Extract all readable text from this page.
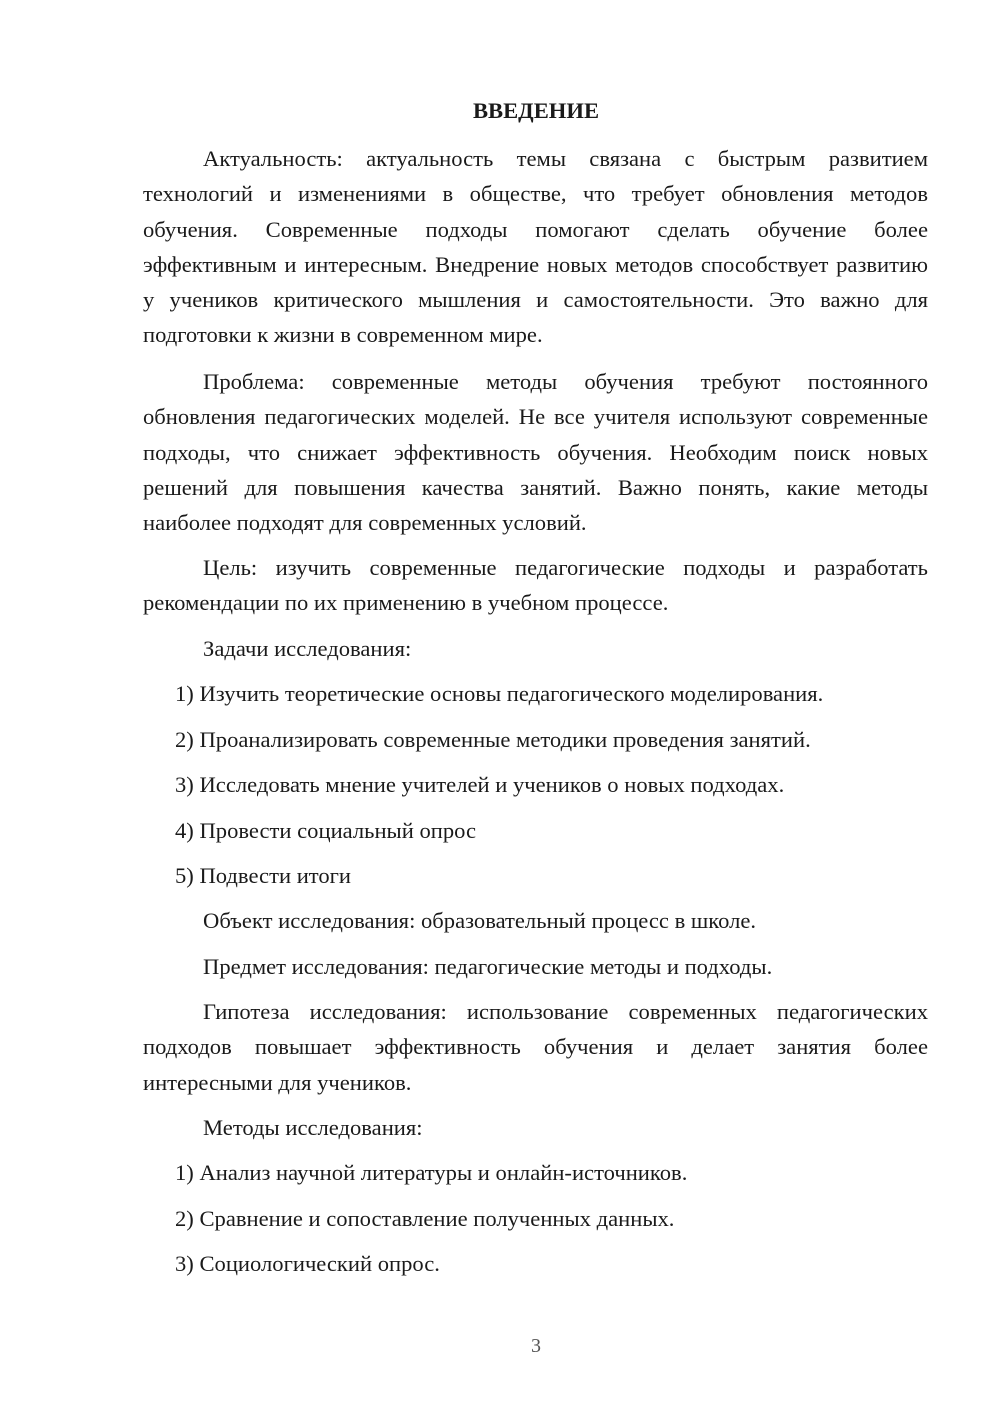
ВВЕДЕНИЕ

Актуальность: актуальность темы связана с быстрым развитием технологий и изменениями в обществе, что требует обновления методов обучения. Современные подходы помогают сделать обучение более эффективным и интересным. Внедрение новых методов способствует развитию у учеников критического мышления и самостоятельности. Это важно для подготовки к жизни в современном мире.

Проблема: современные методы обучения требуют постоянного обновления педагогических моделей. Не все учителя используют современные подходы, что снижает эффективность обучения. Необходим поиск новых решений для повышения качества занятий. Важно понять, какие методы наиболее подходят для современных условий.

Цель: изучить современные педагогические подходы и разработать рекомендации по их применению в учебном процессе.

Задачи исследования:

1) Изучить теоретические основы педагогического моделирования.

2) Проанализировать современные методики проведения занятий.

3) Исследовать мнение учителей и учеников о новых подходах.

4) Провести социальный опрос

5) Подвести итоги

Объект исследования: образовательный процесс в школе.

Предмет исследования: педагогические методы и подходы.

Гипотеза исследования: использование современных педагогических подходов повышает эффективность обучения и делает занятия более интересными для учеников.

Методы исследования:

1) Анализ научной литературы и онлайн-источников.

2) Сравнение и сопоставление полученных данных.

3) Социологический опрос.

3
